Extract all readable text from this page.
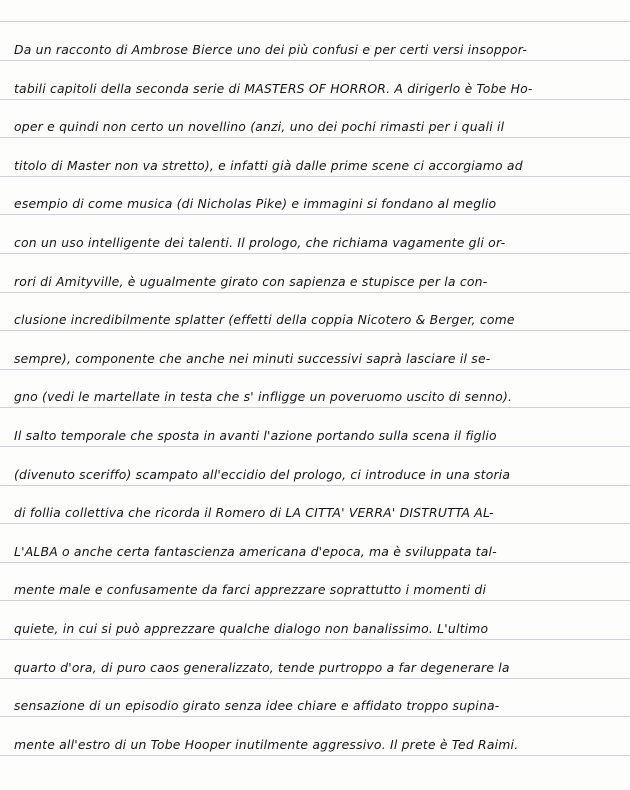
Da un racconto di Ambrose Bierce uno dei più confusi e per certi versi insoppor-
tabili capitoli della seconda serie di MASTERS OF HORROR. A dirigerlo è Tobe Ho-
oper e quindi non certo un novellino (anzi, uno dei pochi rimasti per i quali il
titolo di Master non va stretto), e infatti già dalle prime scene ci accorgiamo ad
esempio di come musica (di Nicholas Pike) e immagini si fondano al meglio
con un uso intelligente dei talenti. Il prologo, che richiama vagamente gli or-
rori di Amityville, è ugualmente girato con sapienza e stupisce per la con-
clusione incredibilmente splatter (effetti della coppia Nicotero & Berger, come
sempre), componente che anche nei minuti successivi saprà lasciare il se-
gno (vedi le martellate in testa che s' infligge un poveruomo uscito di senno).
Il salto temporale che sposta in avanti l'azione portando sulla scena il figlio
(divenuto sceriffo) scampato all'eccidio del prologo, ci introduce in una storia
di follia collettiva che ricorda il Romero di LA CITTA' VERRA' DISTRUTTA AL-
L'ALBA o anche certa fantascienza americana d'epoca, ma è sviluppata tal-
mente male e confusamente da farci apprezzare soprattutto i momenti di
quiete, in cui si può apprezzare qualche dialogo non banalissimo. L'ultimo
quarto d'ora, di puro caos generalizzato, tende purtroppo a far degenerare la
sensazione di un episodio girato senza idee chiare e affidato troppo supina-
mente all'estro di un Tobe Hooper inutilmente aggressivo. Il prete è Ted Raimi.
